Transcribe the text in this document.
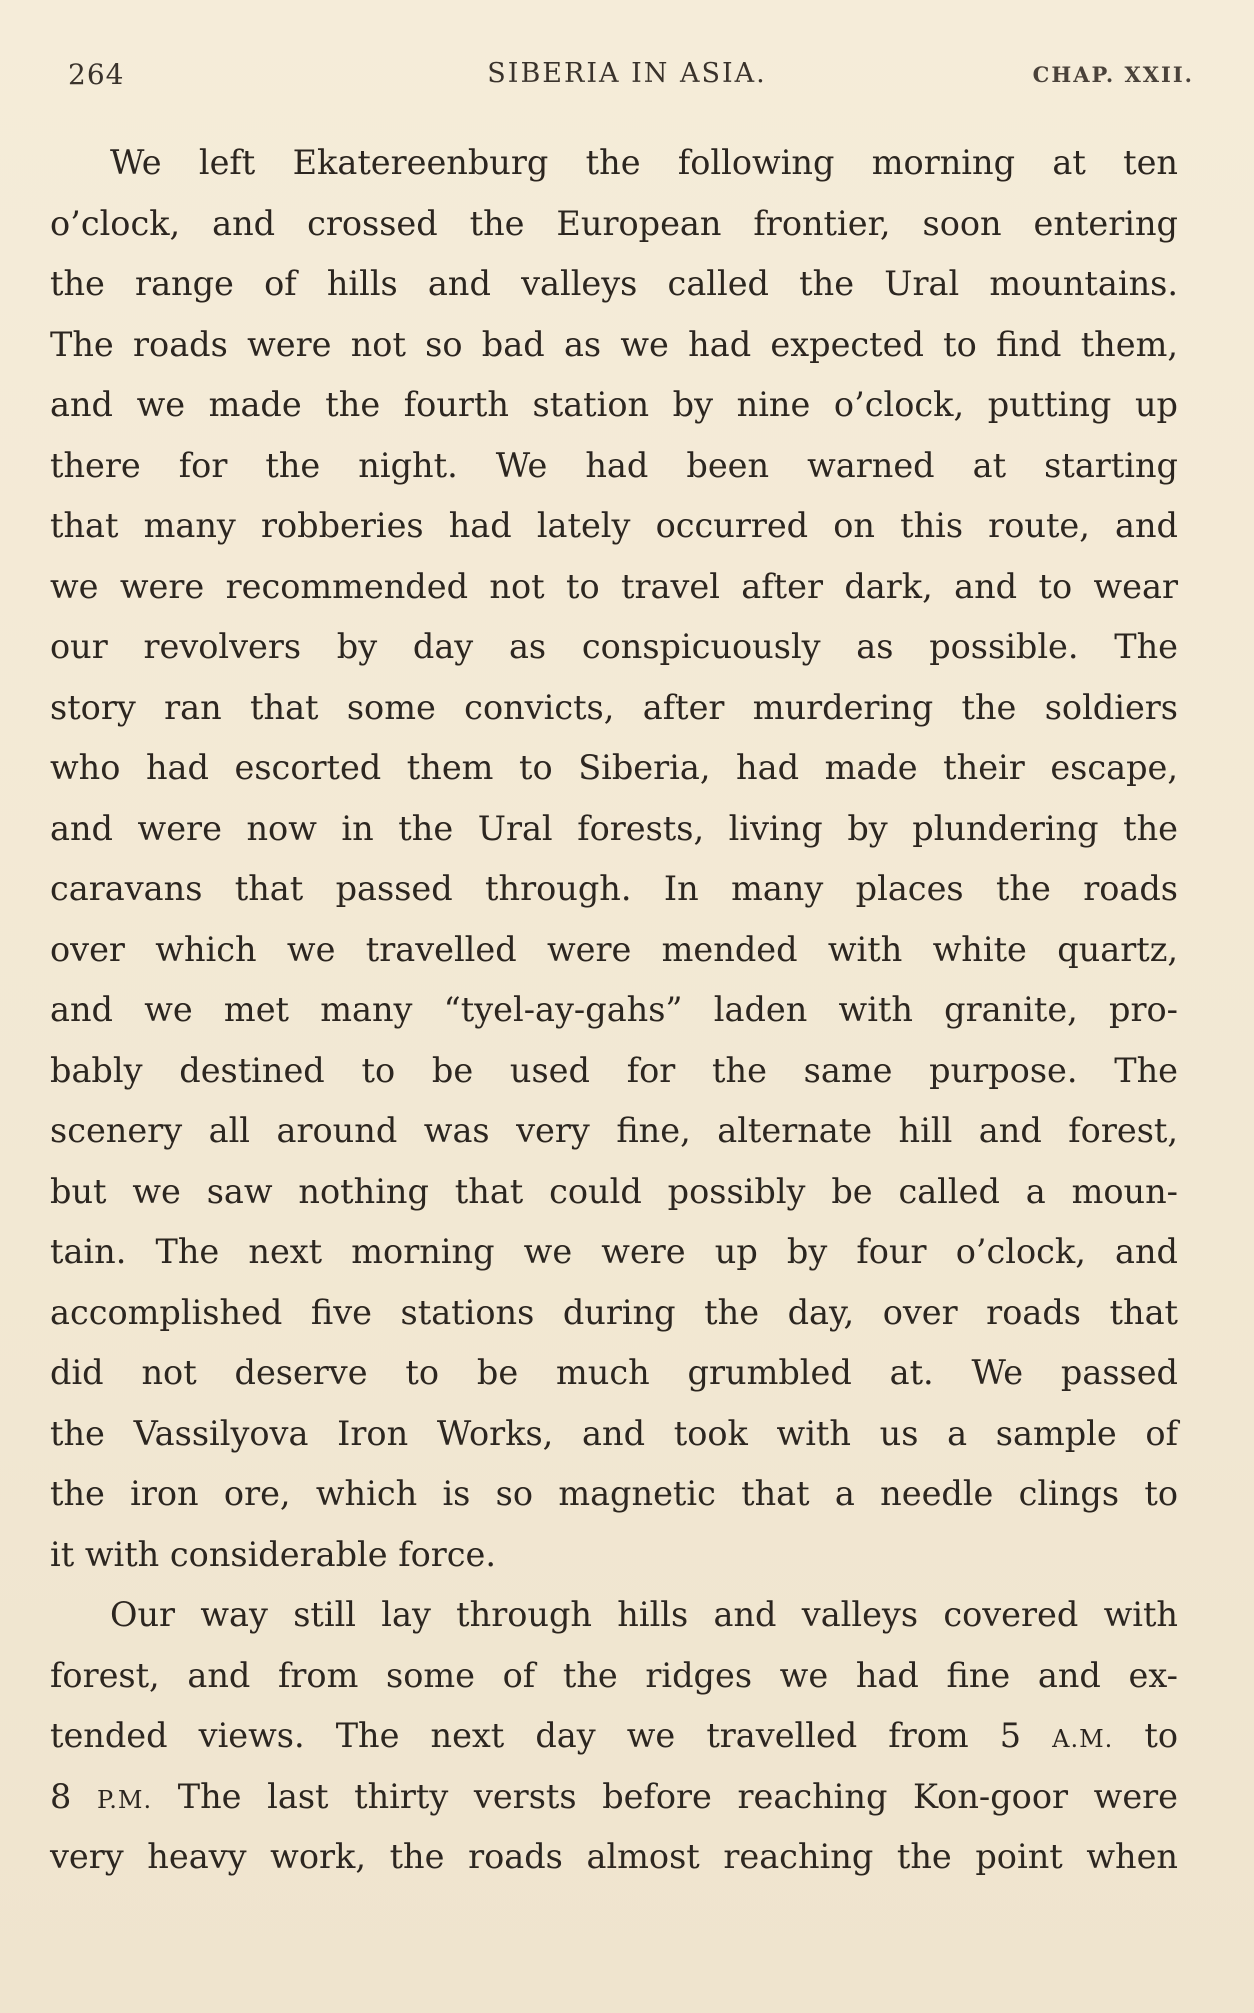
264	SIBERIA IN ASIA.	CHAP. XXII.
We left Ekatereenburg the following morning at ten
o’clock, and crossed the European frontier, soon entering
the range of hills and valleys called the Ural mountains.
The roads were not so bad as we had expected to find them,
and we made the fourth station by nine o’clock, putting up
there for the night. We had been warned at starting
that many robberies had lately occurred on this route, and
we were recommended not to travel after dark, and to wear
our revolvers by day as conspicuously as possible. The
story ran that some convicts, after murdering the soldiers
who had escorted them to Siberia, had made their escape,
and were now in the Ural forests, living by plundering the
caravans that passed through. In many places the roads
over which we travelled were mended with white quartz,
and we met many “tyel-ay-gahs” laden with granite, pro-
bably destined to be used for the same purpose. The
scenery all around was very fine, alternate hill and forest,
but we saw nothing that could possibly be called a moun-
tain. The next morning we were up by four o’clock, and
accomplished five stations during the day, over roads that
did not deserve to be much grumbled at. We passed
the Vassilyova Iron Works, and took with us a sample of
the iron ore, which is so magnetic that a needle clings to
it with considerable force.
Our way still lay through hills and valleys covered with
forest, and from some of the ridges we had fine and ex-
tended views. The next day we travelled from 5 A.M. to
8 P.M. The last thirty versts before reaching Kon-goor were
very heavy work, the roads almost reaching the point when
